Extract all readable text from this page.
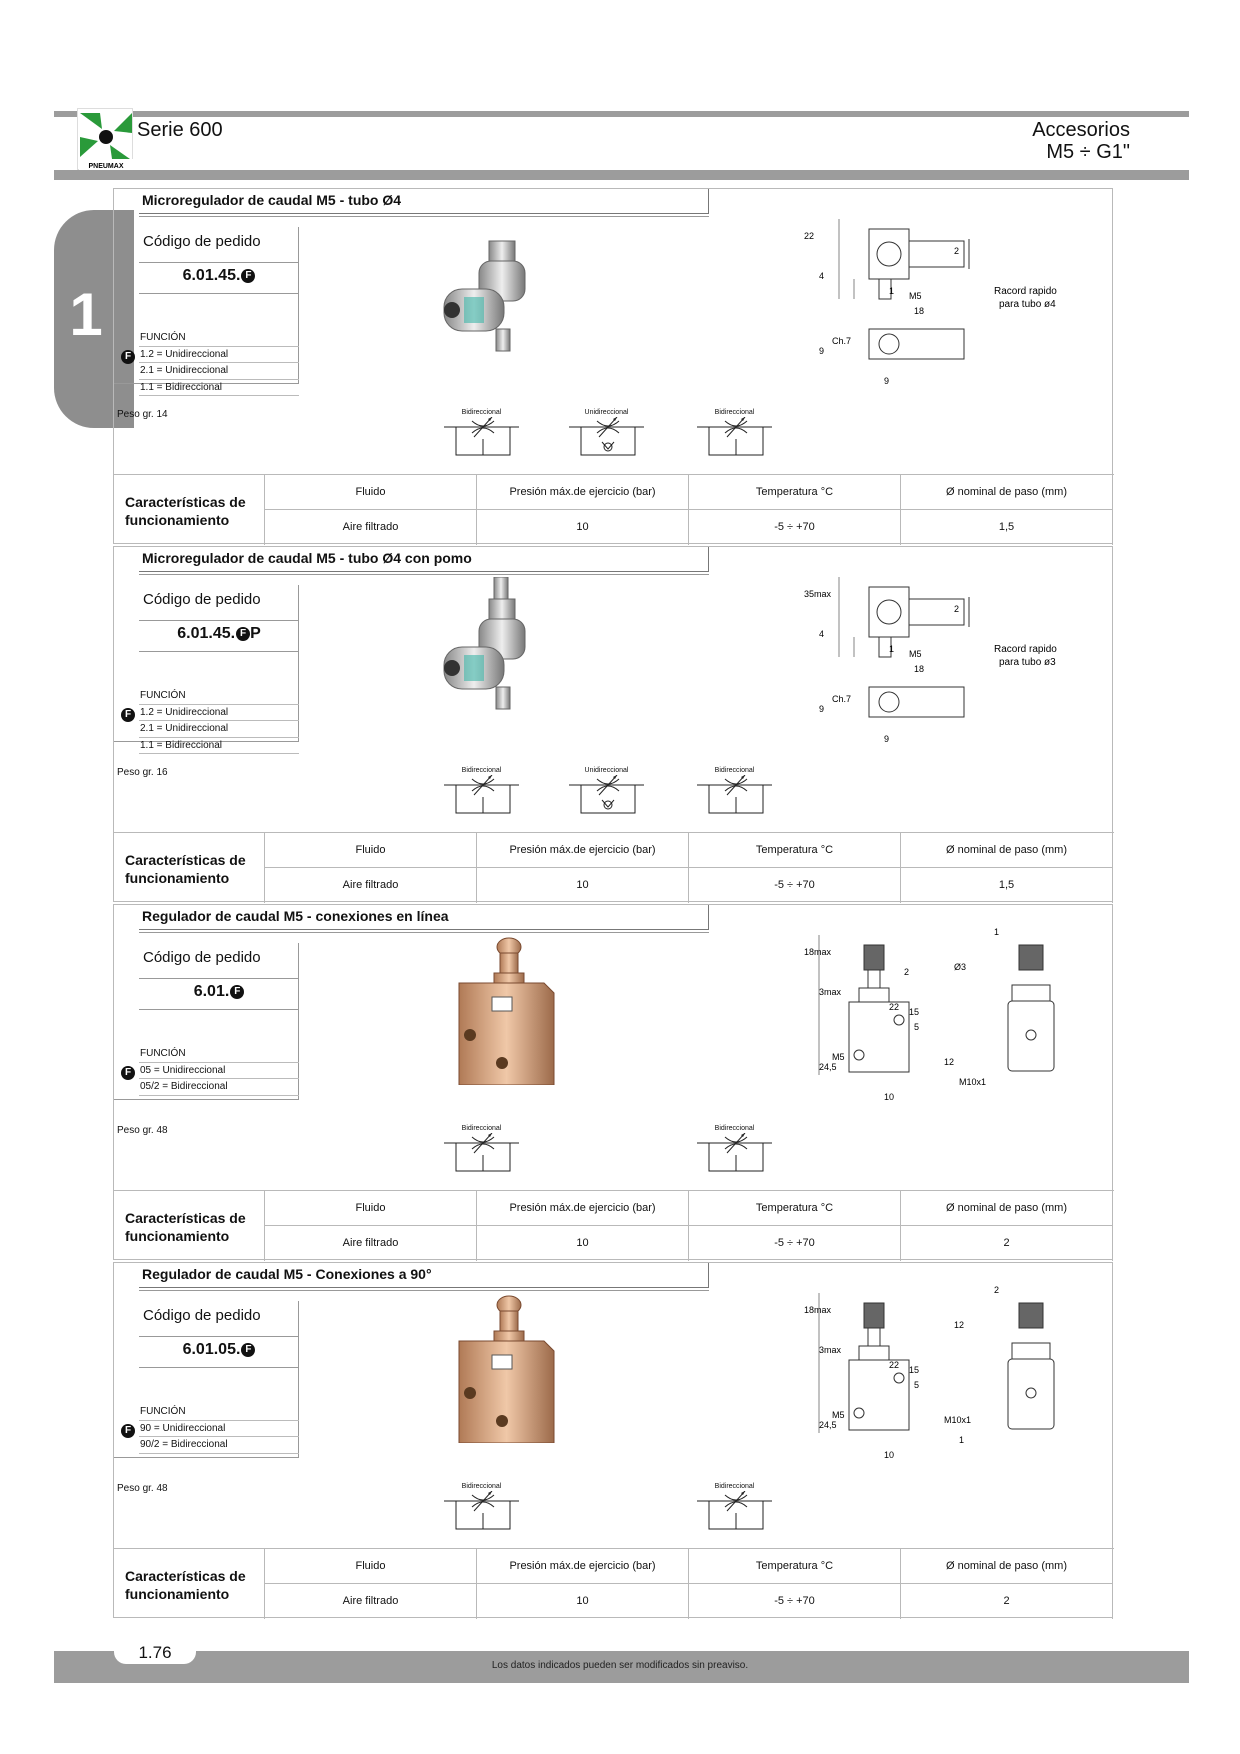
PNEUMAX
Serie 600	Accesorios
M5 ÷ G1"
1
Microregulador de caudal M5 - tubo Ø4
Código de pedido
6.01.45. F
FUNCIÓN
1.2 = Unidireccional
2.1 = Unidireccional
1.1 = Bidireccional
F
Peso gr. 14
22
4
9
Ch.7
9
18
M5
1
2
Racord rapido
para tubo ø4
Bidireccional	Unidireccional	Bidireccional
Características de
funcionamiento
Fluido	Presión máx.de ejercicio (bar)	Temperatura °C	Ø nominal de paso (mm)
Aire filtrado	10	-5 ÷ +70	1,5
Microregulador de caudal M5 - tubo Ø4 con pomo
Código de pedido
6.01.45. F P
FUNCIÓN
1.2 = Unidireccional
2.1 = Unidireccional
1.1 = Bidireccional
F
Peso gr. 16
35max
4
9
Ch.7
9
18
M5
1
2
Racord rapido
para tubo ø3
Bidireccional	Unidireccional	Bidireccional
Características de
funcionamiento
Fluido	Presión máx.de ejercicio (bar)	Temperatura °C	Ø nominal de paso (mm)
Aire filtrado	10	-5 ÷ +70	1,5
Regulador de caudal M5 - conexiones en línea
Código de pedido
6.01. F
FUNCIÓN
05 = Unidireccional
05/2 = Bidireccional
F
Peso gr. 48
18max
3max
24,5
M5
10
5
15
22
Ø3
12
M10x1
1
2
Bidireccional	Bidireccional
Características de
funcionamiento
Fluido	Presión máx.de ejercicio (bar)	Temperatura °C	Ø nominal de paso (mm)
Aire filtrado	10	-5 ÷ +70	2
Regulador de caudal M5 - Conexiones a 90°
Código de pedido
6.01.05. F
FUNCIÓN
90 = Unidireccional
90/2 = Bidireccional
F
Peso gr. 48
18max
3max
24,5
M5
10
5
15
22
12
M10x1
1
2
Bidireccional	Bidireccional
Características de
funcionamiento
Fluido	Presión máx.de ejercicio (bar)	Temperatura °C	Ø nominal de paso (mm)
Aire filtrado	10	-5 ÷ +70	2
1.76
Los datos indicados pueden ser modificados sin preaviso.
